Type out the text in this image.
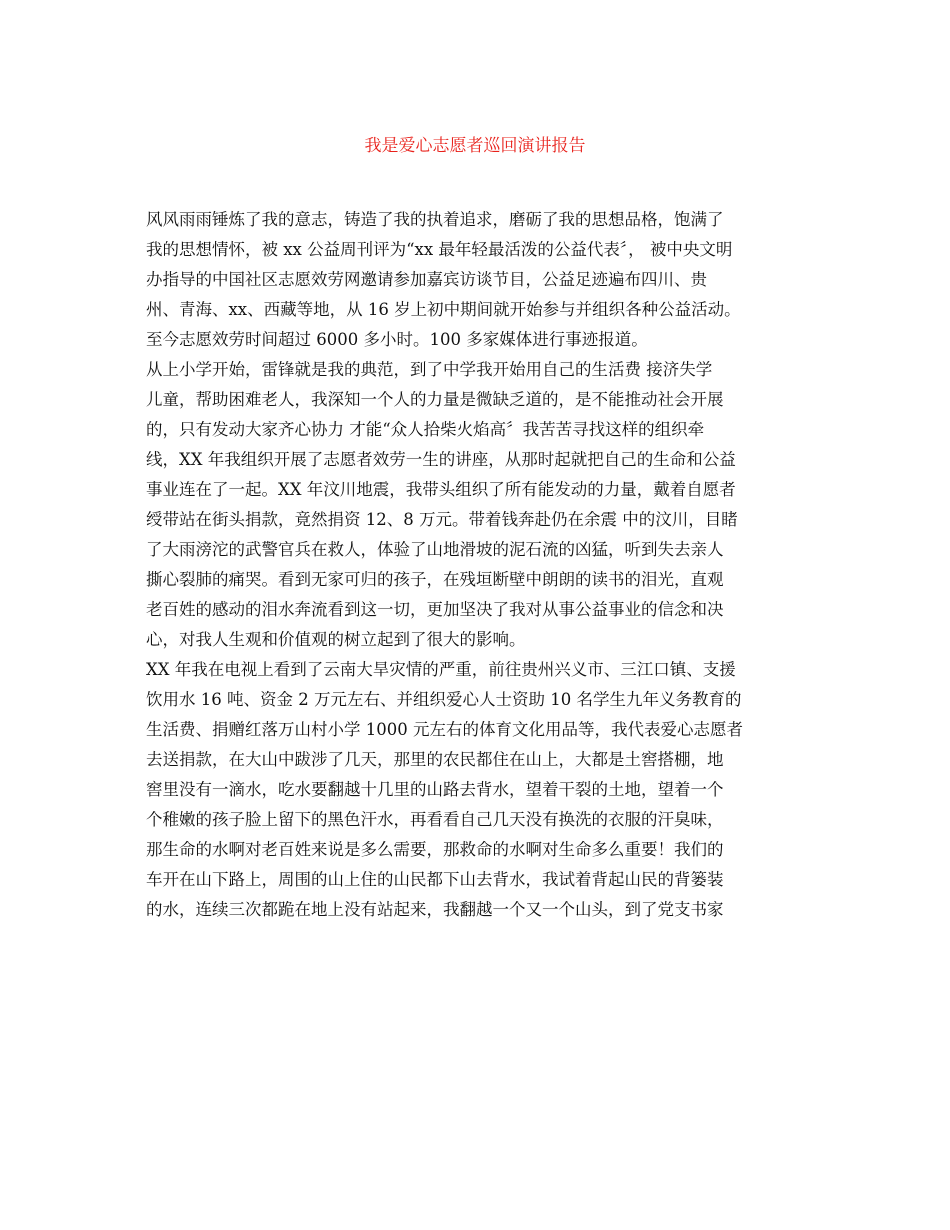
我是爱心志愿者巡回演讲报告
风风雨雨锤炼了我的意志，铸造了我的执着追求，磨砺了我的思想品格，饱满了
我的思想情怀，被 xx 公益周刊评为“xx 最年轻最活泼的公益代表〞， 被中央文明
办指导的中国社区志愿效劳网邀请参加嘉宾访谈节目，公益足迹遍布四川、贵
州、青海、xx、西藏等地，从 16 岁上初中期间就开始参与并组织各种公益活动。
至今志愿效劳时间超过 6000 多小时。100 多家媒体进行事迹报道。
从上小学开始，雷锋就是我的典范，到了中学我开始用自己的生活费 接济失学
儿童，帮助困难老人，我深知一个人的力量是微缺乏道的，是不能推动社会开展
的，只有发动大家齐心协力 才能“众人拾柴火焰高〞我苦苦寻找这样的组织牵
线，XX 年我组织开展了志愿者效劳一生的讲座，从那时起就把自己的生命和公益
事业连在了一起。XX 年汶川地震，我带头组织了所有能发动的力量，戴着自愿者
绶带站在街头捐款，竟然捐资 12、8 万元。带着钱奔赴仍在余震 中的汶川，目睹
了大雨滂沱的武警官兵在救人，体验了山地滑坡的泥石流的凶猛，听到失去亲人
撕心裂肺的痛哭。看到无家可归的孩子，在残垣断壁中朗朗的读书的泪光，直观
老百姓的感动的泪水奔流看到这一切，更加坚决了我对从事公益事业的信念和决
心，对我人生观和价值观的树立起到了很大的影响。
XX 年我在电视上看到了云南大旱灾情的严重，前往贵州兴义市、三江口镇、支援
饮用水 16 吨、资金 2 万元左右、并组织爱心人士资助 10 名学生九年义务教育的
生活费、捐赠红落万山村小学 1000 元左右的体育文化用品等，我代表爱心志愿者
去送捐款，在大山中跋涉了几天，那里的农民都住在山上，大都是土窖搭棚，地
窖里没有一滴水，吃水要翻越十几里的山路去背水，望着干裂的土地，望着一个
个稚嫩的孩子脸上留下的黑色汗水，再看看自己几天没有换洗的衣服的汗臭味，
那生命的水啊对老百姓来说是多么需要，那救命的水啊对生命多么重要！我们的
车开在山下路上，周围的山上住的山民都下山去背水，我试着背起山民的背篓装
的水，连续三次都跪在地上没有站起来，我翻越一个又一个山头，到了党支书家
